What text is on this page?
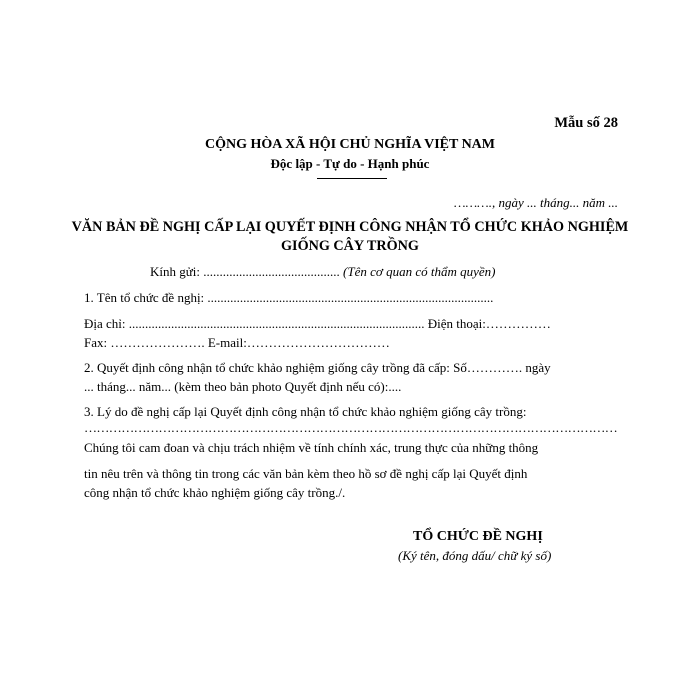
Mẫu số 28

CỘNG HÒA XÃ HỘI CHỦ NGHĨA VIỆT NAM

Độc lập - Tự do - Hạnh phúc

………., ngày ... tháng... năm ...

VĂN BẢN ĐỀ NGHỊ CẤP LẠI QUYẾT ĐỊNH CÔNG NHẬN TỔ CHỨC KHẢO NGHIỆM GIỐNG CÂY TRỒNG

Kính gửi: .......................................... (Tên cơ quan có thẩm quyền)

1. Tên tổ chức đề nghị: ........................................................................................

Địa chỉ: ........................................................................................... Điện thoại:……………

Fax: …………………. E-mail:……………………………

2. Quyết định công nhận tổ chức khảo nghiệm giống cây trồng đã cấp: Số…………. ngày

... tháng... năm... (kèm theo bản photo Quyết định nếu có):....

3. Lý do đề nghị cấp lại Quyết định công nhận tổ chức khảo nghiệm giống cây trồng:

…………………………………………………………………………………………………………………

Chúng tôi cam đoan và chịu trách nhiệm về tính chính xác, trung thực của những thông

tin nêu trên và thông tin trong các văn bản kèm theo hồ sơ đề nghị cấp lại Quyết định

công nhận tổ chức khảo nghiệm giống cây trồng./.

TỔ CHỨC ĐỀ NGHỊ

(Ký tên, đóng dấu/ chữ ký số)
